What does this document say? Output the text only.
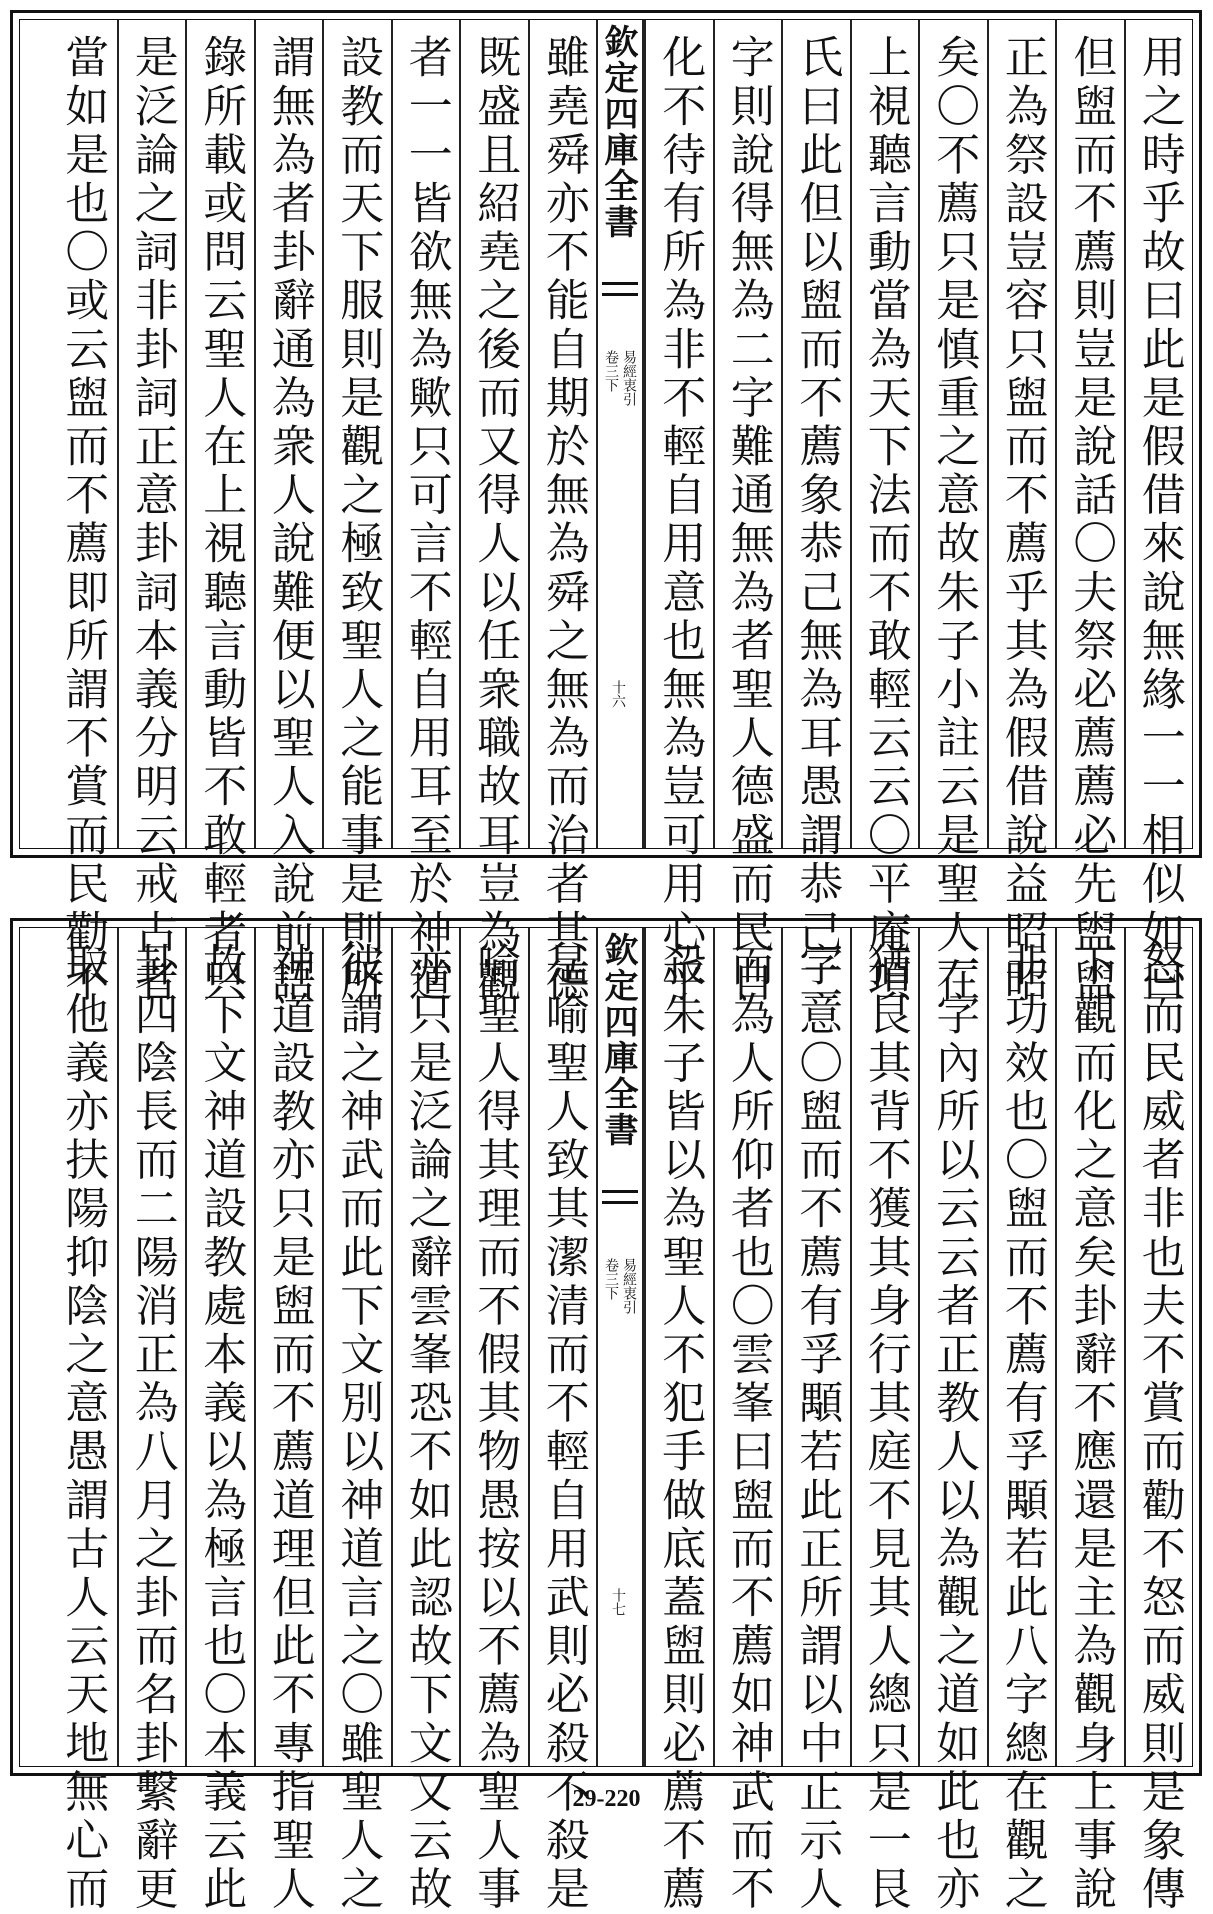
用之時乎故曰此是假借來說無緣一一相似如曰
但盥而不薦則豈是說話〇夫祭必薦薦必先盥盥
正為祭設豈容只盥而不薦乎其為假借說益昭昭
矣〇不薦只是慎重之意故朱子小註云是聖人在
上視聽言動當為天下法而不敢輕云云〇平庵項
氏曰此但以盥而不薦象恭己無為耳愚謂恭己二
字則說得無為二字難通無為者聖人德盛而民自
化不待有所為非不輕自用意也無為豈可用心乎
欽定四庫全書
易經衷引
卷三下
十六
雖堯舜亦不能自期於無為舜之無為而治者其德
既盛且紹堯之後而又得人以任衆職故耳豈為觀
者一一皆欲無為歟只可言不輕自用耳至於神道
設教而天下服則是觀之極致聖人之能事是則所
謂無為者卦辭通為衆人說難便以聖人入說前語
錄所載或問云聖人在上視聽言動皆不敢輕者只
是泛論之詞非卦詞正意卦詞本義分明云戒占者
當如是也〇或云盥而不薦即所謂不賞而民勸不
怒而民威者非也夫不賞而勸不怒而威則是象傳
下觀而化之意矣卦辭不應還是主為觀身上事說
非功效也〇盥而不薦有孚顒若此八字總在觀之
一字內所以云云者正教人以為觀之道如此也亦
猶艮其背不獲其身行其庭不見其人總只是一艮
字意〇盥而不薦有孚顒若此正所謂以中正示人
而為人所仰者也〇雲峯曰盥而不薦如神武而不
殺朱子皆以為聖人不犯手做底蓋盥則必薦不薦
欽定四庫全書
易經衷引
卷三下
十七
是喻聖人致其潔清而不輕自用武則必殺不殺是
喻聖人得其理而不假其物愚按以不薦為聖人事
亦只是泛論之辭雲峯恐不如此認故下文又云故
彼謂之神武而此下文別以神道言之〇雖聖人之
神道設教亦只是盥而不薦道理但此不專指聖人
故下文神道設教處本義以為極言也〇本義云此
卦四陰長而二陽消正為八月之卦而名卦繫辭更
取他義亦扶陽抑陰之意愚謂古人云天地無心而	29-220
